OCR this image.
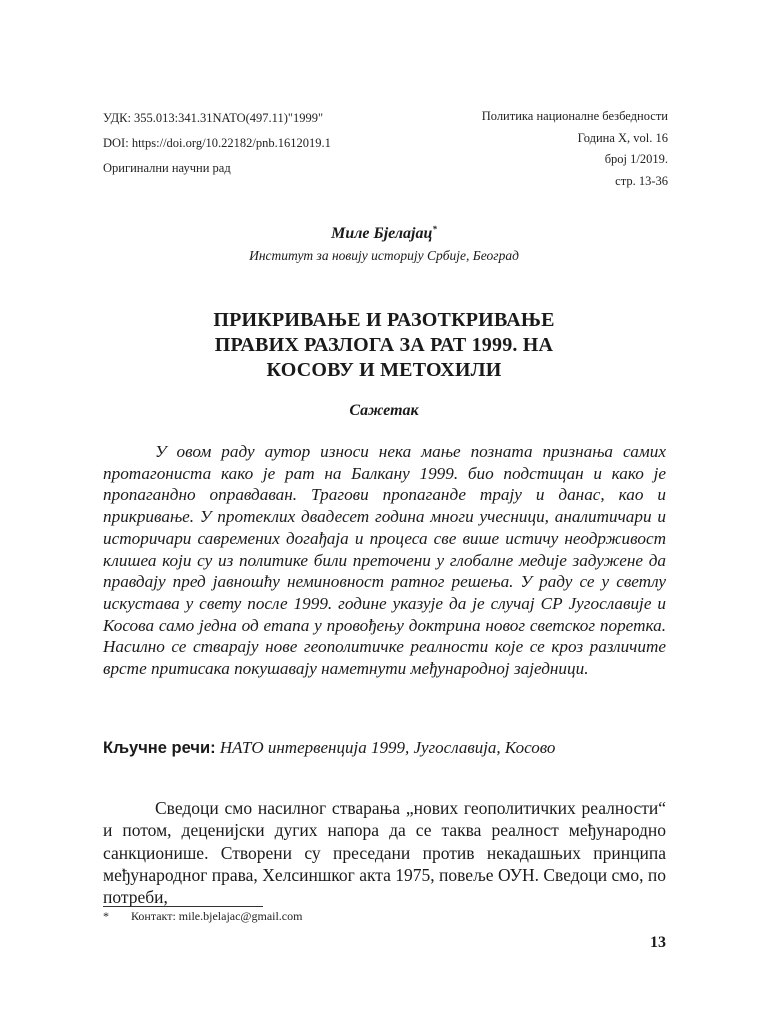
УДК: 355.013:341.31NATO(497.11)"1999"
DOI: https://doi.org/10.22182/pnb.1612019.1
Оригинални научни рад
Политика националне безбедности
Година X, vol. 16
број 1/2019.
стр. 13-36
Миле Бјелајац*
Институт за новију историју Србије, Београд
ПРИКРИВАЊЕ И РАЗОТКРИВАЊЕ
ПРАВИХ РАЗЛОГА ЗА РАТ 1999. НА
КОСОВУ И МЕТОХИЛИ
Сажетак
У овом раду аутор износи нека мање позната признања самих протагониста како је рат на Балкану 1999. био подстицан и како је пропагандно оправдаван. Трагови пропаганде трају и данас, као и прикривање. У протеклих двадесет година многи учесници, аналитичари и историчари савремених догађаја и процеса све више истичу неодрживост клишеа који су из политике били преточени у глобалне медије задужене да правдају пред јавношћу неминовност ратног решења. У раду се у светлу искустава у свету после 1999. године указује да је случај СР Југославије и Косова само једна од етапа у провођењу доктрина новог светског поретка. Насилно се стварају нове геополитичке реалности које се кроз различите врсте притисака покушавају наметнути међународној заједници.
Кључне речи: НАТО интервенција 1999, Југославија, Косово
Сведоци смо насилног стварања „нових геополитичких реалности“ и потом, деценијски дугих напора да се таква реалност међународно санкционише. Створени су преседани против некадашњих принципа међународног права, Хелсиншког акта 1975, повеље ОУН. Сведоци смо, по потреби,
* Контакт: mile.bjelajac@gmail.com
13
